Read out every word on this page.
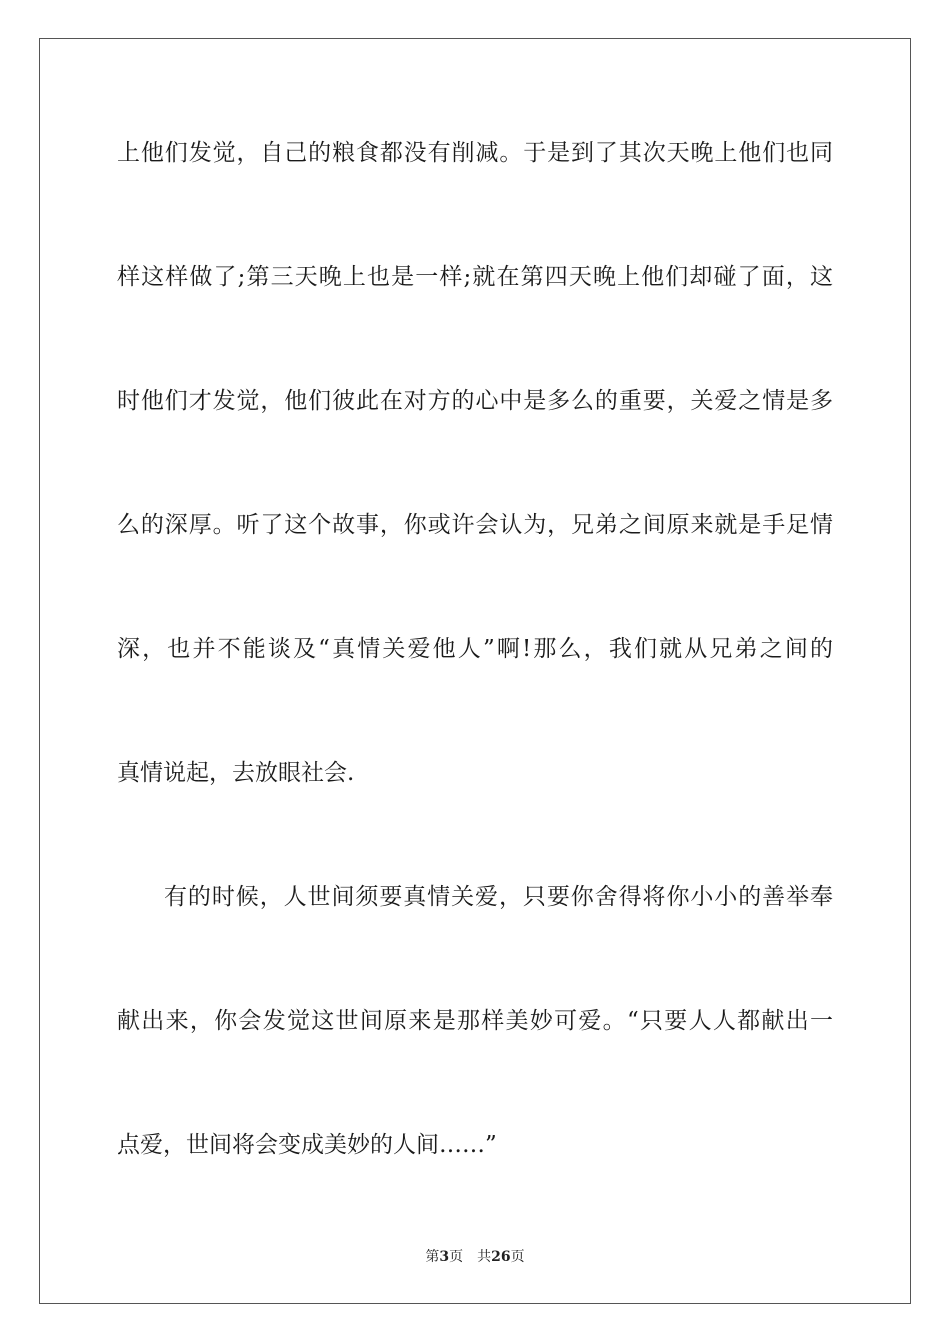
上他们发觉，自己的粮食都没有削减。于是到了其次天晚上他们也同
样这样做了;第三天晚上也是一样;就在第四天晚上他们却碰了面，这
时他们才发觉，他们彼此在对方的心中是多么的重要，关爱之情是多
么的深厚。听了这个故事，你或许会认为，兄弟之间原来就是手足情
深，也并不能谈及“真情关爱他人”啊!那么，我们就从兄弟之间的
真情说起，去放眼社会.
有的时候，人世间须要真情关爱，只要你舍得将你小小的善举奉
献出来，你会发觉这世间原来是那样美妙可爱。“只要人人都献出一
点爱，世间将会变成美妙的人间……”
第3页 共26页
